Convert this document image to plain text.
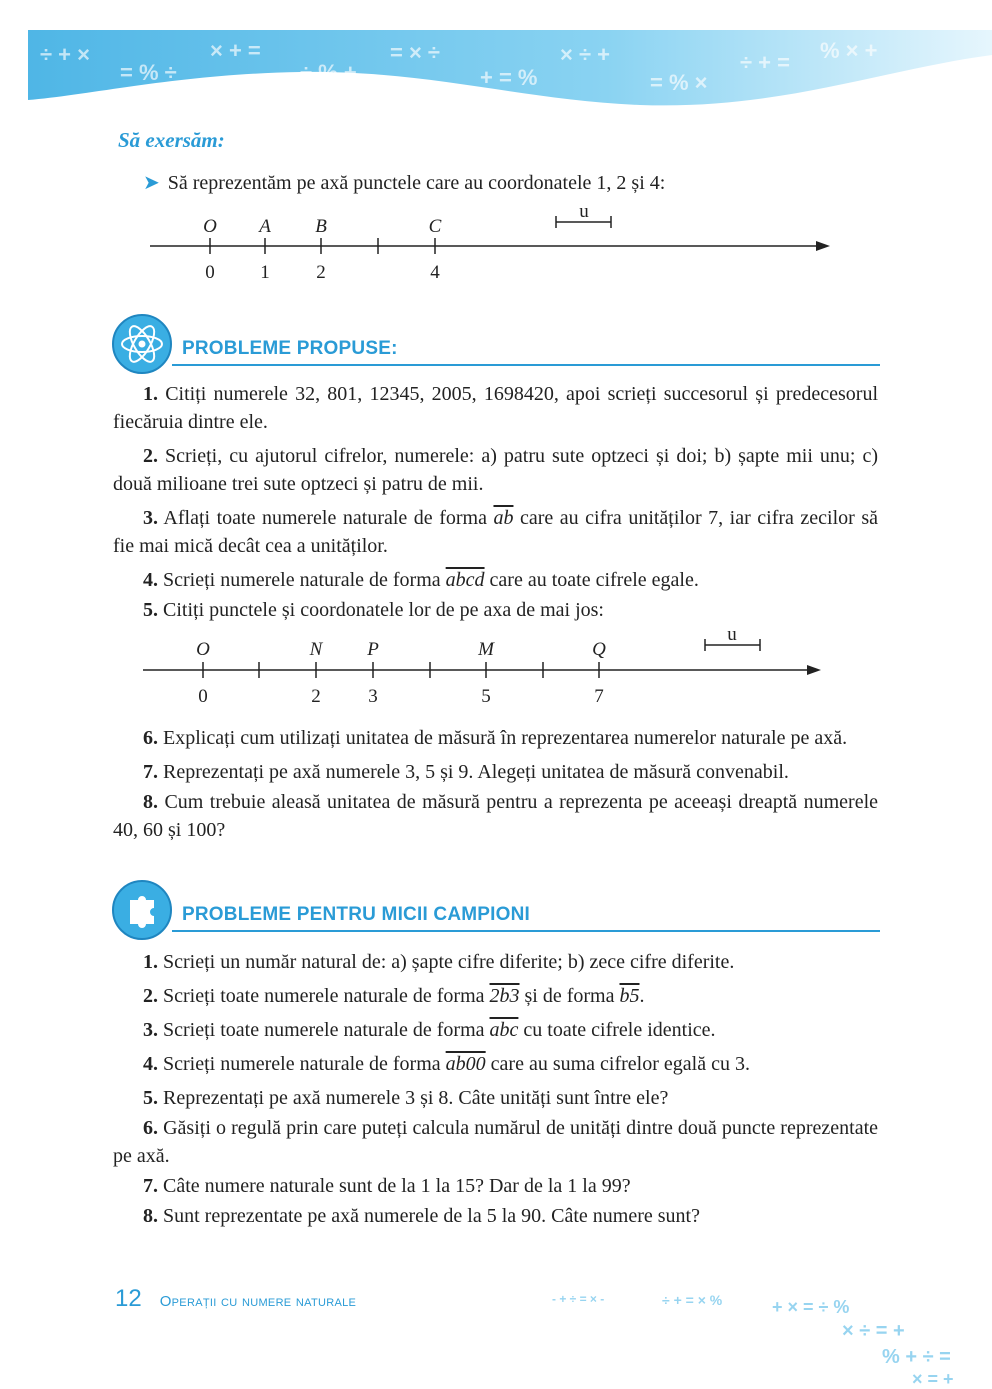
÷ + ×
= % ÷
× + =
÷ % +
= × ÷
+ = %
× ÷ +
= % ×
÷ + = % × +
Să exersăm:
➤ Să reprezentăm pe axă punctele care au coordonatele 1, 2 și 4:
O A B	C
0 1 2	4
u
PROBLEME PROPUSE:

1. Citiți numerele 32, 801, 12345, 2005, 1698420, apoi scrieți succesorul și predecesorul fiecăruia dintre ele.

2. Scrieți, cu ajutorul cifrelor, numerele: a) patru sute optzeci și doi; b) șapte mii unu; c) două milioane trei sute optzeci și patru de mii.

3. Aflați toate numerele naturale de forma $\overline{ab}$ care au cifra unităților 7, iar cifra zecilor să fie mai mică decât cea a unităților.

4. Scrieți numerele naturale de forma abcd care au toate cifrele egale.

5. Citiți punctele și coordonatele lor de pe axa de mai jos:

O	N P	M	Q
0	2	3	5	7
u

6. Explicați cum utilizați unitatea de măsură în reprezentarea numerelor naturale pe axă.

7. Reprezentați pe axă numerele 3, 5 și 9. Alegeți unitatea de măsură convenabil.

8. Cum trebuie aleasă unitatea de măsură pentru a reprezenta pe aceeași dreaptă numerele 40, 60 și 100?

PROBLEME PENTRU MICII CAMPIONI

1. Scrieți un număr natural de: a) șapte cifre diferite; b) zece cifre diferite.

2. Scrieți toate numerele naturale de forma 2b3 și de forma b5.

3. Scrieți toate numerele naturale de forma $\overline{abc}$ cu toate cifrele identice.

4. Scrieți numerele naturale de forma ab00 care au suma cifrelor egală cu 3.

5. Reprezentați pe axă numerele 3 și 8. Câte unități sunt între ele?

6. Găsiți o regulă prin care puteți calcula numărul de unități dintre două puncte reprezentate pe axă.

7. Câte numere naturale sunt de la 1 la 15? Dar de la 1 la 99?

8. Sunt reprezentate pe axă numerele de la 5 la 90. Câte numere sunt?

12 Operații cu numere naturale	- + ÷ = × -	÷ + = × %	+ × = ÷ %
× ÷ = +
% + ÷ =
× = +
